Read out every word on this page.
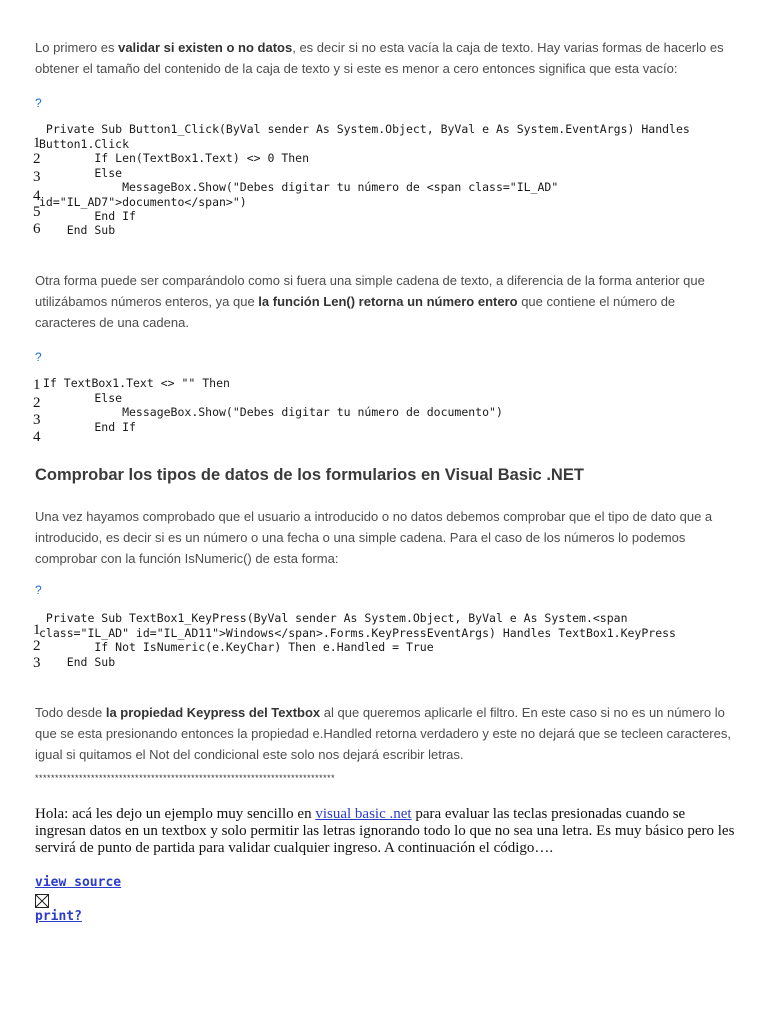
Lo primero es validar si existen o no datos, es decir si no esta vacía la caja de texto. Hay varias formas de hacerlo es obtener el tamaño del contenido de la caja de texto y si este es menor a cero entonces significa que esta vacío:

?

Private Sub Button1_Click(ByVal sender As System.Object, ByVal e As System.EventArgs) Handles
Button1.Click
If Len(TextBox1.Text) <> 0 Then
Else
MessageBox.Show("Debes digitar tu número de <span class="IL_AD"
id="IL_AD7">documento</span>")
End If
End Sub
1
2
3
4
5
6

Otra forma puede ser comparándolo como si fuera una simple cadena de texto, a diferencia de la forma anterior que utilizábamos números enteros, ya que la función Len() retorna un número entero que contiene el número de caracteres de una cadena.

?

If TextBox1.Text <> "" Then
Else
MessageBox.Show("Debes digitar tu número de documento")
End If
1
2
3
4
Comprobar los tipos de datos de los formularios en Visual Basic .NET

Una vez hayamos comprobado que el usuario a introducido o no datos debemos comprobar que el tipo de dato que a introducido, es decir si es un número o una fecha o una simple cadena. Para el caso de los números lo podemos comprobar con la función IsNumeric() de esta forma:

?

Private Sub TextBox1_KeyPress(ByVal sender As System.Object, ByVal e As System.<span
class="IL_AD" id="IL_AD11">Windows</span>.Forms.KeyPressEventArgs) Handles TextBox1.KeyPress
If Not IsNumeric(e.KeyChar) Then e.Handled = True
End Sub
1
2
3

Todo desde la propiedad Keypress del Textbox al que queremos aplicarle el filtro. En este caso si no es un número lo que se esta presionando entonces la propiedad e.Handled retorna verdadero y este no dejará que se tecleen caracteres, igual si quitamos el Not del condicional este solo nos dejará escribir letras.

***************************************************************************

Hola: acá les dejo un ejemplo muy sencillo en visual basic .net para evaluar las teclas presionadas cuando se ingresan datos en un textbox y solo permitir las letras ignorando todo lo que no sea una letra. Es muy básico pero les servirá de punto de partida para validar cualquier ingreso. A continuación el código….

view source
print?
